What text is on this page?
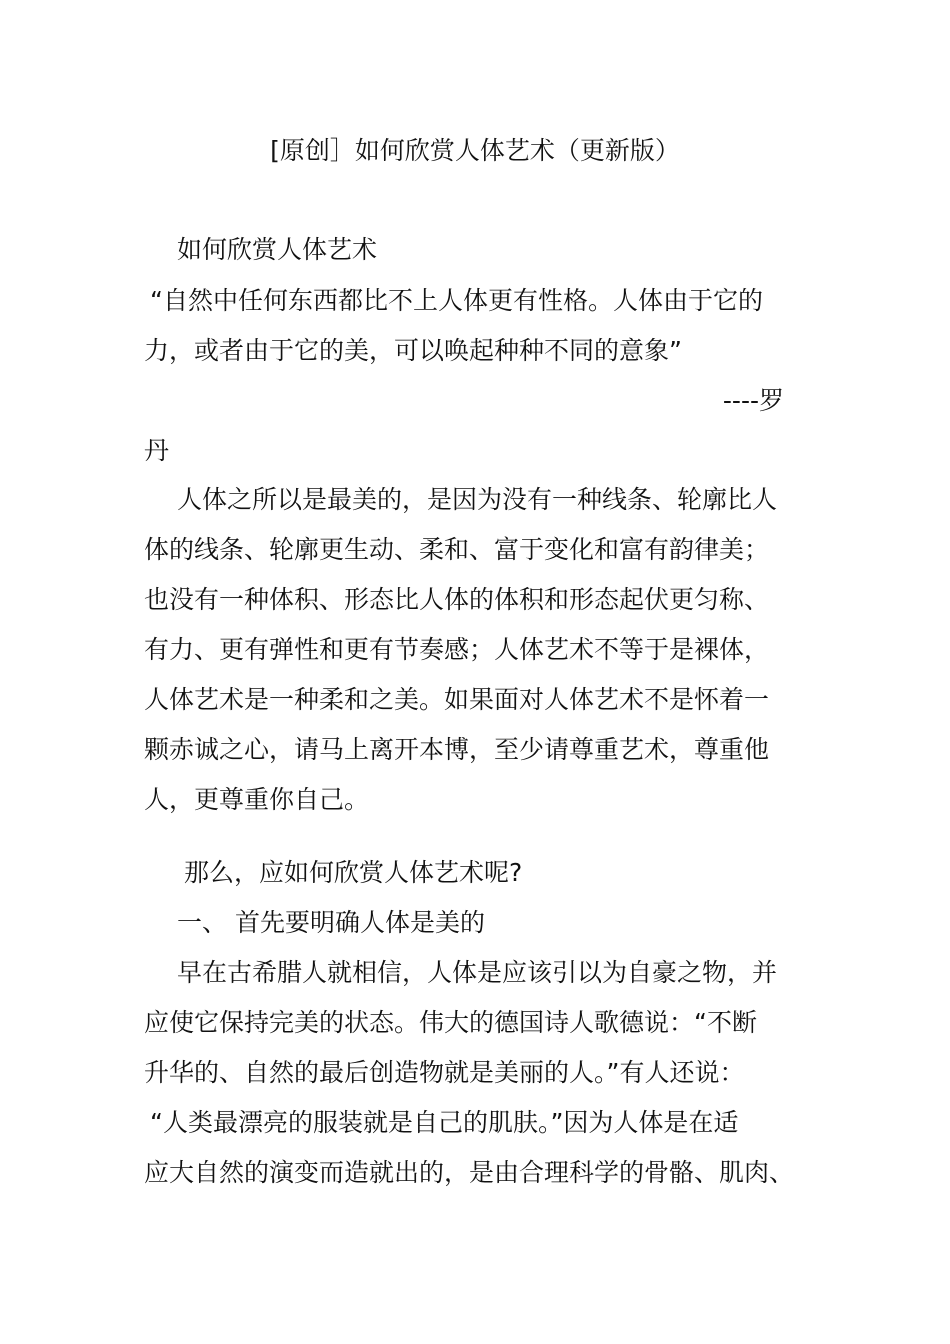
[原创］如何欣赏人体艺术（更新版）
如何欣赏人体艺术
“自然中任何东西都比不上人体更有性格。人体由于它的
力，或者由于它的美，可以唤起种种不同的意象”
----罗
丹
人体之所以是最美的，是因为没有一种线条、轮廓比人
体的线条、轮廓更生动、柔和、富于变化和富有韵律美；
也没有一种体积、形态比人体的体积和形态起伏更匀称、
有力、更有弹性和更有节奏感；人体艺术不等于是裸体，
人体艺术是一种柔和之美。如果面对人体艺术不是怀着一
颗赤诚之心，请马上离开本博，至少请尊重艺术，尊重他
人，更尊重你自己。
那么，应如何欣赏人体艺术呢?
一、 首先要明确人体是美的
早在古希腊人就相信，人体是应该引以为自豪之物，并
应使它保持完美的状态。伟大的德国诗人歌德说：“不断
升华的、自然的最后创造物就是美丽的人。”有人还说：
“人类最漂亮的服装就是自己的肌肤。”因为人体是在适
应大自然的演变而造就出的，是由合理科学的骨骼、肌肉、
